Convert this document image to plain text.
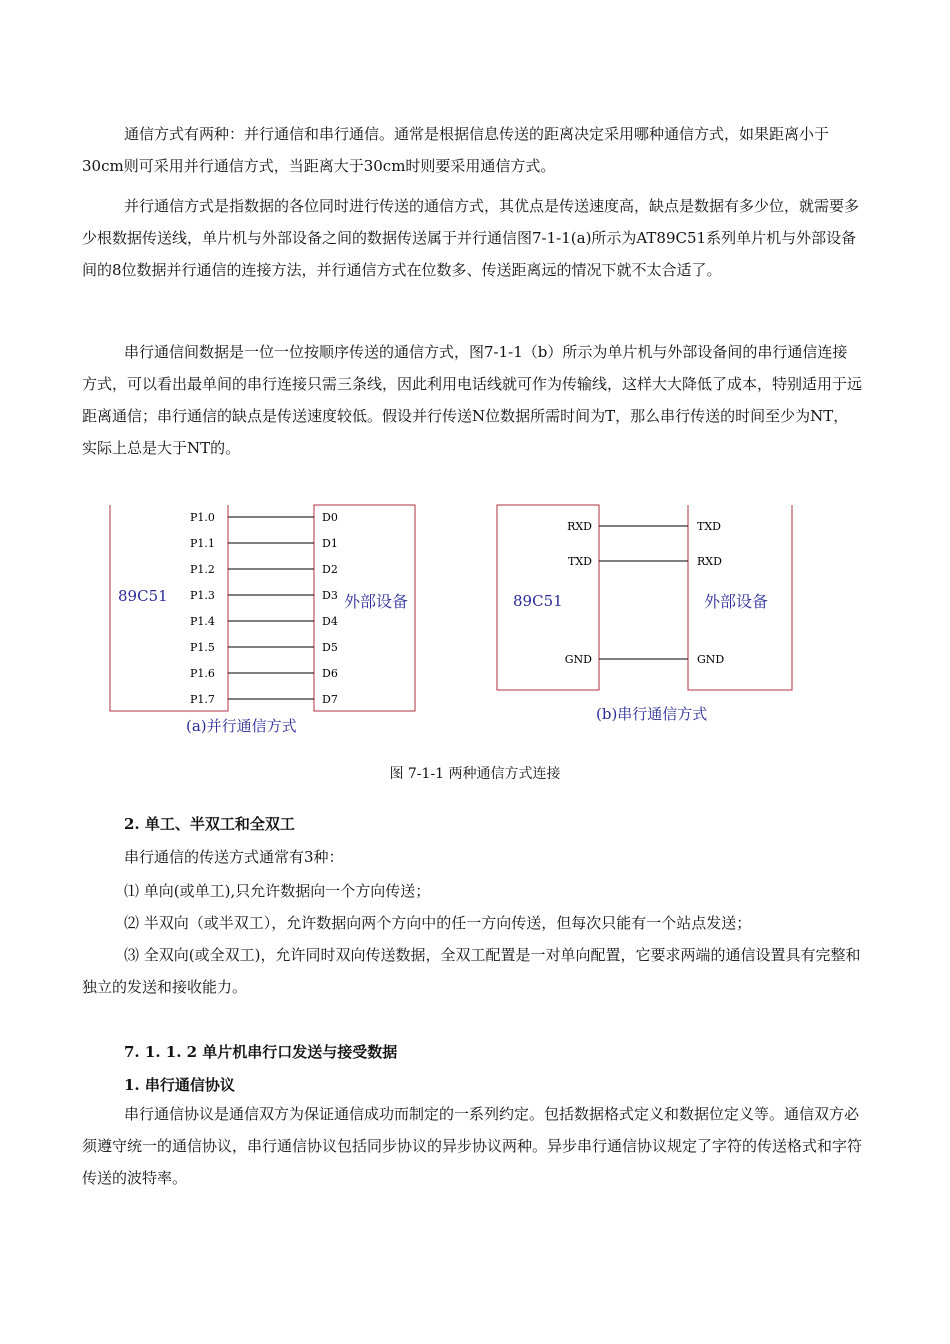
通信方式有两种：并行通信和串行通信。通常是根据信息传送的距离决定采用哪种通信方式，如果距离小于30cm则可采用并行通信方式，当距离大于30cm时则要采用通信方式。

并行通信方式是指数据的各位同时进行传送的通信方式，其优点是传送速度高，缺点是数据有多少位，就需要多少根数据传送线，单片机与外部设备之间的数据传送属于并行通信图7-1-1(a)所示为AT89C51系列单片机与外部设备间的8位数据并行通信的连接方法，并行通信方式在位数多、传送距离远的情况下就不太合适了。

串行通信间数据是一位一位按顺序传送的通信方式，图7-1-1（b）所示为单片机与外部设备间的串行通信连接方式，可以看出最单间的串行连接只需三条线，因此利用电话线就可作为传输线，这样大大降低了成本，特别适用于远距离通信；串行通信的缺点是传送速度较低。假设并行传送N位数据所需时间为T，那么串行传送的时间至少为NT，实际上总是大于NT的。

89C51	外部设备
P1.0	D0
P1.1	D1
P1.2	D2
P1.3	D3
P1.4	D4
P1.5	D5
P1.6	D6
P1.7	D7
(a)并行通信方式
89C51	外部设备
RXD	TXD
TXD	RXD
GND	GND
(b)串行通信方式
图 7-1-1 两种通信方式连接
2. 单工、半双工和全双工
串行通信的传送方式通常有3种：
⑴ 单向(或单工),只允许数据向一个方向传送；
⑵ 半双向（或半双工），允许数据向两个方向中的任一方向传送，但每次只能有一个站点发送；

⑶ 全双向(或全双工)，允许同时双向传送数据，全双工配置是一对单向配置，它要求两端的通信设置具有完整和独立的发送和接收能力。

7. 1. 1. 2 单片机串行口发送与接受数据
1. 串行通信协议

串行通信协议是通信双方为保证通信成功而制定的一系列约定。包括数据格式定义和数据位定义等。通信双方必须遵守统一的通信协议，串行通信协议包括同步协议的异步协议两种。异步串行通信协议规定了字符的传送格式和字符传送的波特率。
